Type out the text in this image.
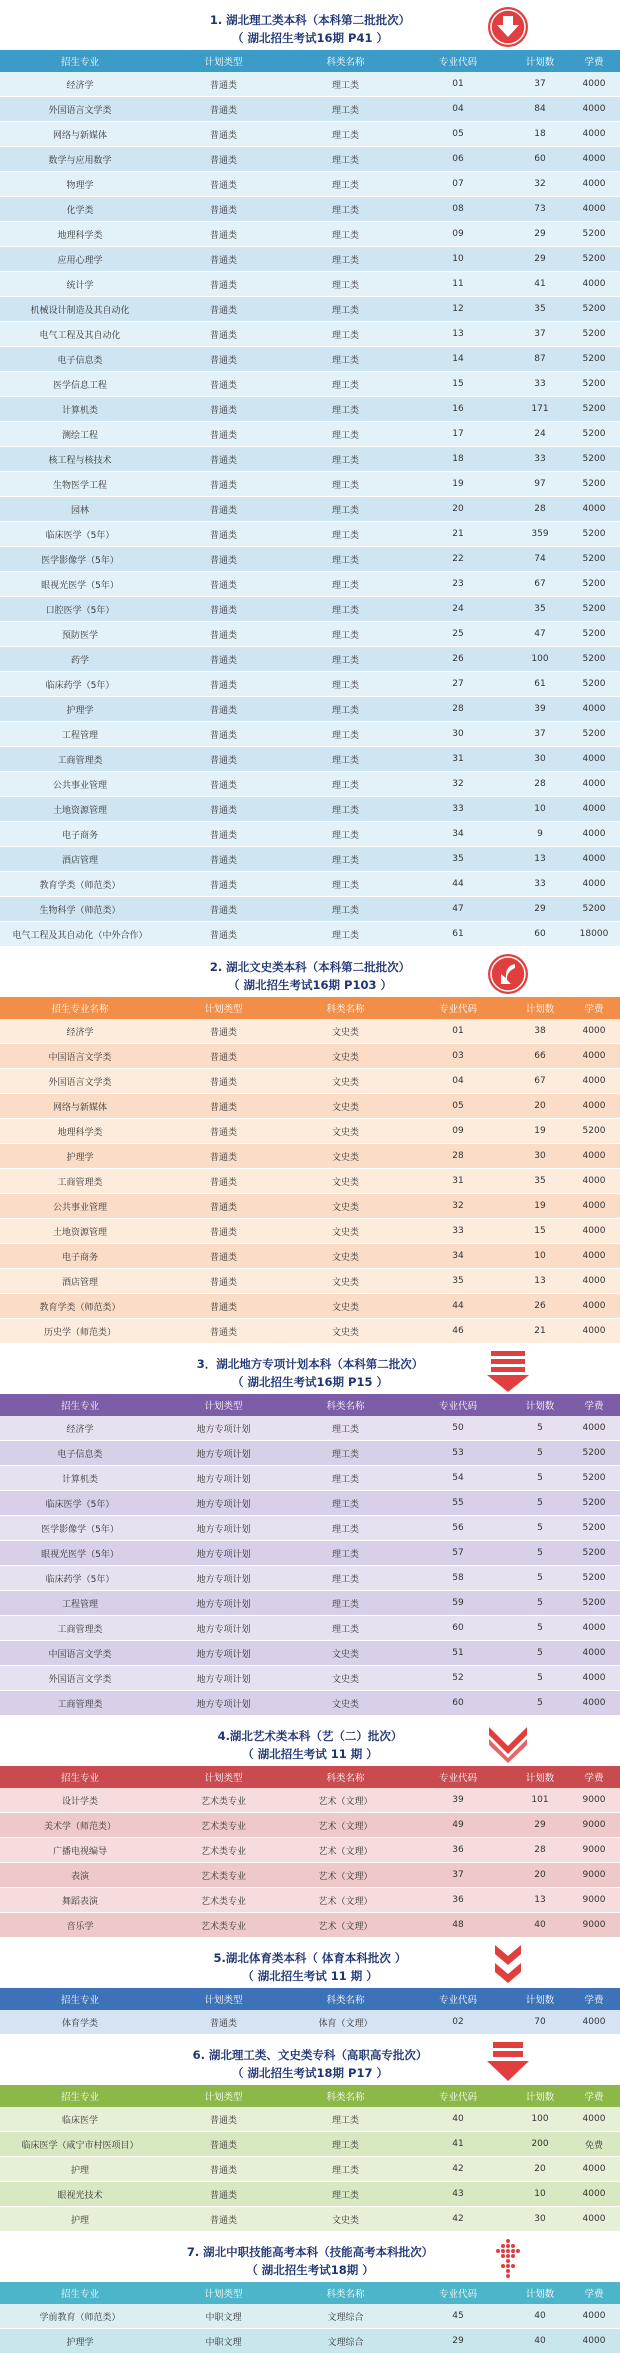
1. 湖北理工类本科（本科第二批批次）
（ 湖北招生考试16期 P41 ）
招生专业	计划类型	科类名称	专业代码	计划数	学费
经济学	普通类	理工类	01	37	4000
外国语言文学类	普通类	理工类	04	84	4000
网络与新媒体	普通类	理工类	05	18	4000
数学与应用数学	普通类	理工类	06	60	4000
物理学	普通类	理工类	07	32	4000
化学类	普通类	理工类	08	73	4000
地理科学类	普通类	理工类	09	29	5200
应用心理学	普通类	理工类	10	29	5200
统计学	普通类	理工类	11	41	4000
机械设计制造及其自动化	普通类	理工类	12	35	5200
电气工程及其自动化	普通类	理工类	13	37	5200
电子信息类	普通类	理工类	14	87	5200
医学信息工程	普通类	理工类	15	33	5200
计算机类	普通类	理工类	16	171	5200
测绘工程	普通类	理工类	17	24	5200
核工程与核技术	普通类	理工类	18	33	5200
生物医学工程	普通类	理工类	19	97	5200
园林	普通类	理工类	20	28	4000
临床医学（5年）	普通类	理工类	21	359	5200
医学影像学（5年）	普通类	理工类	22	74	5200
眼视光医学（5年）	普通类	理工类	23	67	5200
口腔医学（5年）	普通类	理工类	24	35	5200
预防医学	普通类	理工类	25	47	5200
药学	普通类	理工类	26	100	5200
临床药学（5年）	普通类	理工类	27	61	5200
护理学	普通类	理工类	28	39	4000
工程管理	普通类	理工类	30	37	5200
工商管理类	普通类	理工类	31	30	4000
公共事业管理	普通类	理工类	32	28	4000
土地资源管理	普通类	理工类	33	10	4000
电子商务	普通类	理工类	34	9	4000
酒店管理	普通类	理工类	35	13	4000
教育学类（师范类）	普通类	理工类	44	33	4000
生物科学（师范类）	普通类	理工类	47	29	5200
电气工程及其自动化（中外合作）	普通类	理工类	61	60	18000
2. 湖北文史类本科（本科第二批批次）
（ 湖北招生考试16期 P103 ）
招生专业名称	计划类型	科类名称	专业代码	计划数	学费
经济学	普通类	文史类	01	38	4000
中国语言文学类	普通类	文史类	03	66	4000
外国语言文学类	普通类	文史类	04	67	4000
网络与新媒体	普通类	文史类	05	20	4000
地理科学类	普通类	文史类	09	19	5200
护理学	普通类	文史类	28	30	4000
工商管理类	普通类	文史类	31	35	4000
公共事业管理	普通类	文史类	32	19	4000
土地资源管理	普通类	文史类	33	15	4000
电子商务	普通类	文史类	34	10	4000
酒店管理	普通类	文史类	35	13	4000
教育学类（师范类）	普通类	文史类	44	26	4000
历史学（师范类）	普通类	文史类	46	21	4000
3．湖北地方专项计划本科（本科第二批次）
（ 湖北招生考试16期 P15 ）
招生专业	计划类型	科类名称	专业代码	计划数	学费
经济学	地方专项计划	理工类	50	5	4000
电子信息类	地方专项计划	理工类	53	5	5200
计算机类	地方专项计划	理工类	54	5	5200
临床医学（5年）	地方专项计划	理工类	55	5	5200
医学影像学（5年）	地方专项计划	理工类	56	5	5200
眼视光医学（5年）	地方专项计划	理工类	57	5	5200
临床药学（5年）	地方专项计划	理工类	58	5	5200
工程管理	地方专项计划	理工类	59	5	5200
工商管理类	地方专项计划	理工类	60	5	4000
中国语言文学类	地方专项计划	文史类	51	5	4000
外国语言文学类	地方专项计划	文史类	52	5	4000
工商管理类	地方专项计划	文史类	60	5	4000
4.湖北艺术类本科（艺（二）批次）
（ 湖北招生考试 11 期 ）
招生专业	计划类型	科类名称	专业代码	计划数	学费
设计学类	艺术类专业	艺术（文理）	39	101	9000
美术学（师范类）	艺术类专业	艺术（文理）	49	29	9000
广播电视编导	艺术类专业	艺术（文理）	36	28	9000
表演	艺术类专业	艺术（文理）	37	20	9000
舞蹈表演	艺术类专业	艺术（文理）	36	13	9000
音乐学	艺术类专业	艺术（文理）	48	40	9000
5.湖北体育类本科（ 体育本科批次 ）
（ 湖北招生考试 11 期 ）
招生专业	计划类型	科类名称	专业代码	计划数	学费
体育学类	普通类	体育（文理）	02	70	4000
6. 湖北理工类、文史类专科（高职高专批次）
（ 湖北招生考试18期 P17 ）
招生专业	计划类型	科类名称	专业代码	计划数	学费
临床医学	普通类	理工类	40	100	4000
临床医学（咸宁市村医项目）	普通类	理工类	41	200	免费
护理	普通类	理工类	42	20	4000
眼视光技术	普通类	理工类	43	10	4000
护理	普通类	文史类	42	30	4000
7. 湖北中职技能高考本科（技能高考本科批次）
（ 湖北招生考试18期 ）
招生专业	计划类型	科类名称	专业代码	计划数	学费
学前教育（师范类）	中职文理	文理综合	45	40	4000
护理学	中职文理	文理综合	29	40	4000
